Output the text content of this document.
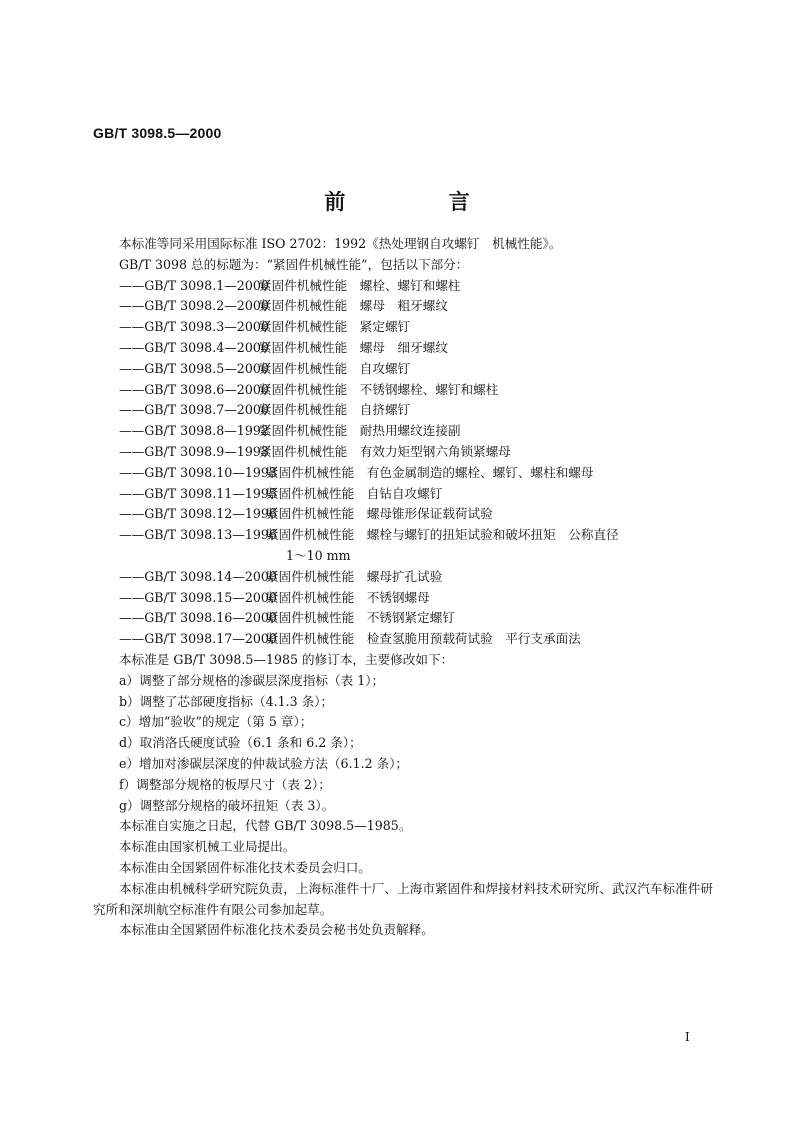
GB/T 3098.5—2000
前 言
本标准等同采用国际标准 ISO 2702：1992《热处理钢自攻螺钉　机械性能》。
GB/T 3098 总的标题为：“紧固件机械性能”，包括以下部分：
——GB/T 3098.1—2000
紧固件机械性能　螺栓、螺钉和螺柱
——GB/T 3098.2—2000
紧固件机械性能　螺母　粗牙螺纹
——GB/T 3098.3—2000
紧固件机械性能　紧定螺钉
——GB/T 3098.4—2000
紧固件机械性能　螺母　细牙螺纹
——GB/T 3098.5—2000
紧固件机械性能　自攻螺钉
——GB/T 3098.6—2000
紧固件机械性能　不锈钢螺栓、螺钉和螺柱
——GB/T 3098.7—2000
紧固件机械性能　自挤螺钉
——GB/T 3098.8—1992
紧固件机械性能　耐热用螺纹连接副
——GB/T 3098.9—1993
紧固件机械性能　有效力矩型钢六角锁紧螺母
——GB/T 3098.10—1993
紧固件机械性能　有色金属制造的螺栓、螺钉、螺柱和螺母
——GB/T 3098.11—1995
紧固件机械性能　自钻自攻螺钉
——GB/T 3098.12—1996
紧固件机械性能　螺母锥形保证载荷试验
——GB/T 3098.13—1996
紧固件机械性能　螺栓与螺钉的扭矩试验和破坏扭矩　公称直径
1～10 mm
——GB/T 3098.14—2000
紧固件机械性能　螺母扩孔试验
——GB/T 3098.15—2000
紧固件机械性能　不锈钢螺母
——GB/T 3098.16—2000
紧固件机械性能　不锈钢紧定螺钉
——GB/T 3098.17—2000
紧固件机械性能　检查氢脆用预载荷试验　平行支承面法
本标准是 GB/T 3098.5—1985 的修订本，主要修改如下：
a）调整了部分规格的渗碳层深度指标（表 1）；
b）调整了芯部硬度指标（4.1.3 条）；
c）增加“验收”的规定（第 5 章）；
d）取消洛氏硬度试验（6.1 条和 6.2 条）；
e）增加对渗碳层深度的仲裁试验方法（6.1.2 条）；
f）调整部分规格的板厚尺寸（表 2）；
g）调整部分规格的破坏扭矩（表 3）。
本标准自实施之日起，代替 GB/T 3098.5—1985。
本标准由国家机械工业局提出。
本标准由全国紧固件标准化技术委员会归口。
本标准由机械科学研究院负责，上海标准件十厂、上海市紧固件和焊接材料技术研究所、武汉汽车标准件研究所和深圳航空标准件有限公司参加起草。
本标准由全国紧固件标准化技术委员会秘书处负责解释。
I
